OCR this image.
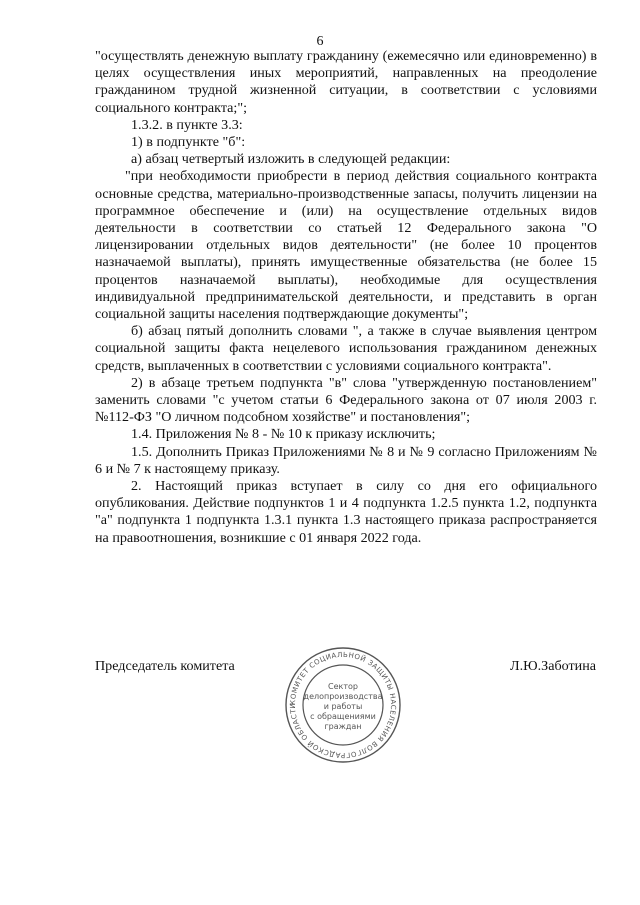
6

"осуществлять денежную выплату гражданину (ежемесячно или единовременно) в целях осуществления иных мероприятий, направленных на преодоление гражданином трудной жизненной ситуации, в соответствии с условиями социального контракта;";

1.3.2. в пункте 3.3:

1) в подпункте "б":

а) абзац четвертый изложить в следующей редакции:

"при необходимости приобрести в период действия социального контракта основные средства, материально-производственные запасы, получить лицензии на программное обеспечение и (или) на осуществление отдельных видов деятельности в соответствии со статьей 12 Федерального закона "О лицензировании отдельных видов деятельности" (не более 10 процентов назначаемой выплаты), принять имущественные обязательства (не более 15 процентов назначаемой выплаты), необходимые для осуществления индивидуальной предпринимательской деятельности, и представить в орган социальной защиты населения подтверждающие документы";

б) абзац пятый дополнить словами ", а также в случае выявления центром социальной защиты факта нецелевого использования гражданином денежных средств, выплаченных в соответствии с условиями социального контракта".

2) в абзаце третьем подпункта "в" слова "утвержденную постановлением" заменить словами "с учетом статьи 6 Федерального закона от 07 июля 2003 г. №112-ФЗ "О личном подсобном хозяйстве" и постановления";

1.4. Приложения № 8 - № 10 к приказу исключить;

1.5. Дополнить Приказ Приложениями № 8 и № 9 согласно Приложениям № 6 и № 7 к настоящему приказу.

2. Настоящий приказ вступает в силу со дня его официального опубликования. Действие подпунктов 1 и 4 подпункта 1.2.5 пункта 1.2, подпункта "а" подпункта 1 подпункта 1.3.1 пункта 1.3 настоящего приказа распространяется на правоотношения, возникшие с 01 января 2022 года.

Председатель комитета	Л.Ю.Заботина
КОМИТЕТ СОЦИАЛЬНОЙ ЗАЩИТЫ НАСЕЛЕНИЯ ВОЛГОГРАДСКОЙ ОБЛАСТИ
Сектор
делопроизводства
и работы
с обращениями
граждан
